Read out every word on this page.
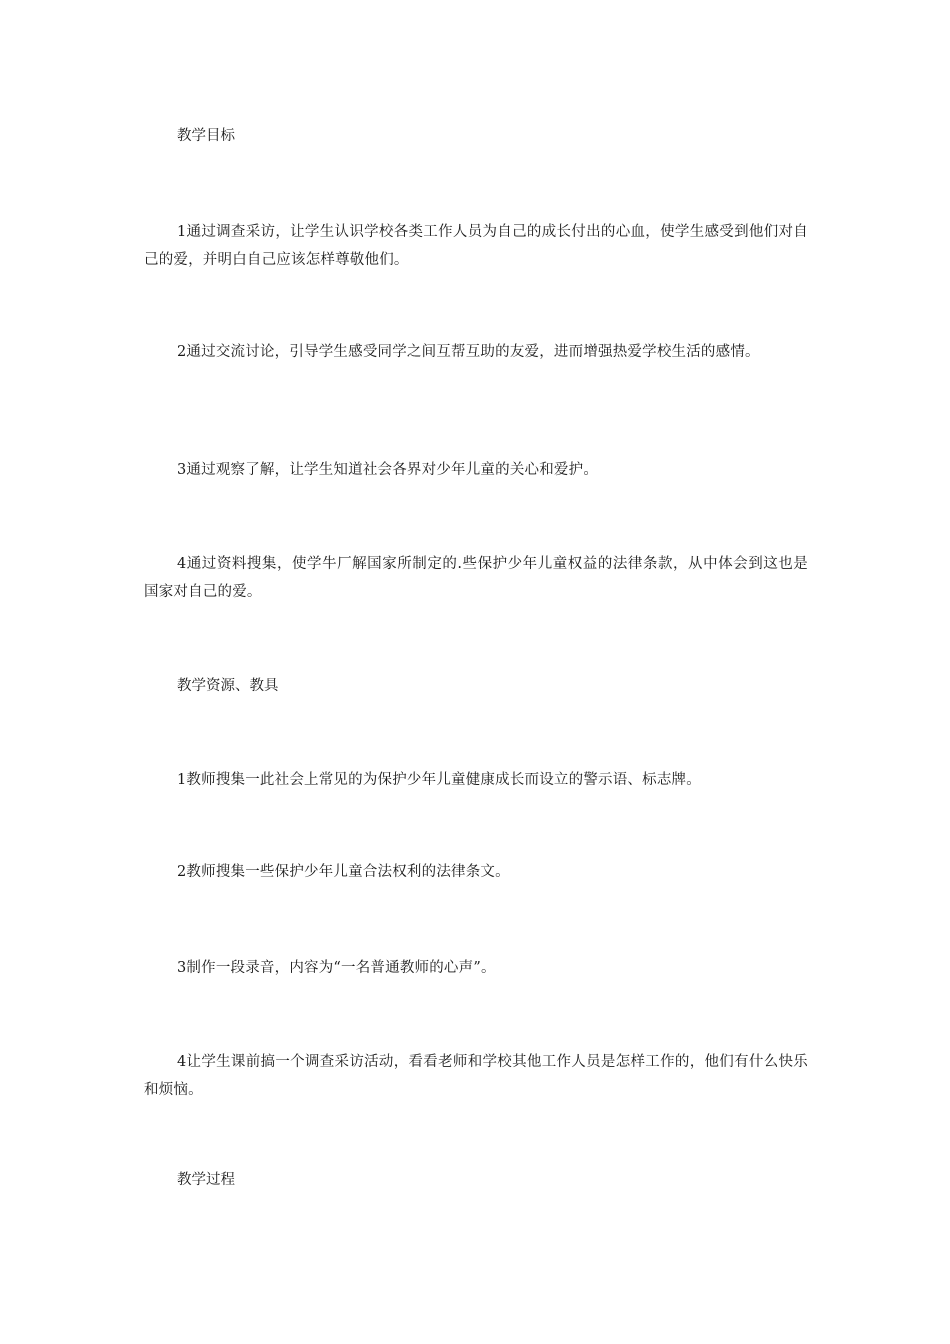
教学目标

1通过调查采访，让学生认识学校各类工作人员为自己的成长付出的心血，使学生感受到他们对自己的爱，并明白自己应该怎样尊敬他们。

2通过交流讨论，引导学生感受同学之间互帮互助的友爱，进而增强热爱学校生活的感情。

3通过观察了解，让学生知道社会各界对少年儿童的关心和爱护。

4通过资料搜集，使学牛厂解国家所制定的.些保护少年儿童权益的法律条款，从中体会到这也是国家对自己的爱。

教学资源、教具

1教师搜集一此社会上常见的为保护少年儿童健康成长而设立的警示语、标志牌。

2教师搜集一些保护少年儿童合法权利的法律条文。

3制作一段录音，内容为“一名普通教师的心声”。

4让学生课前搞一个调查采访活动，看看老师和学校其他工作人员是怎样工作的，他们有什么快乐和烦恼。

教学过程
